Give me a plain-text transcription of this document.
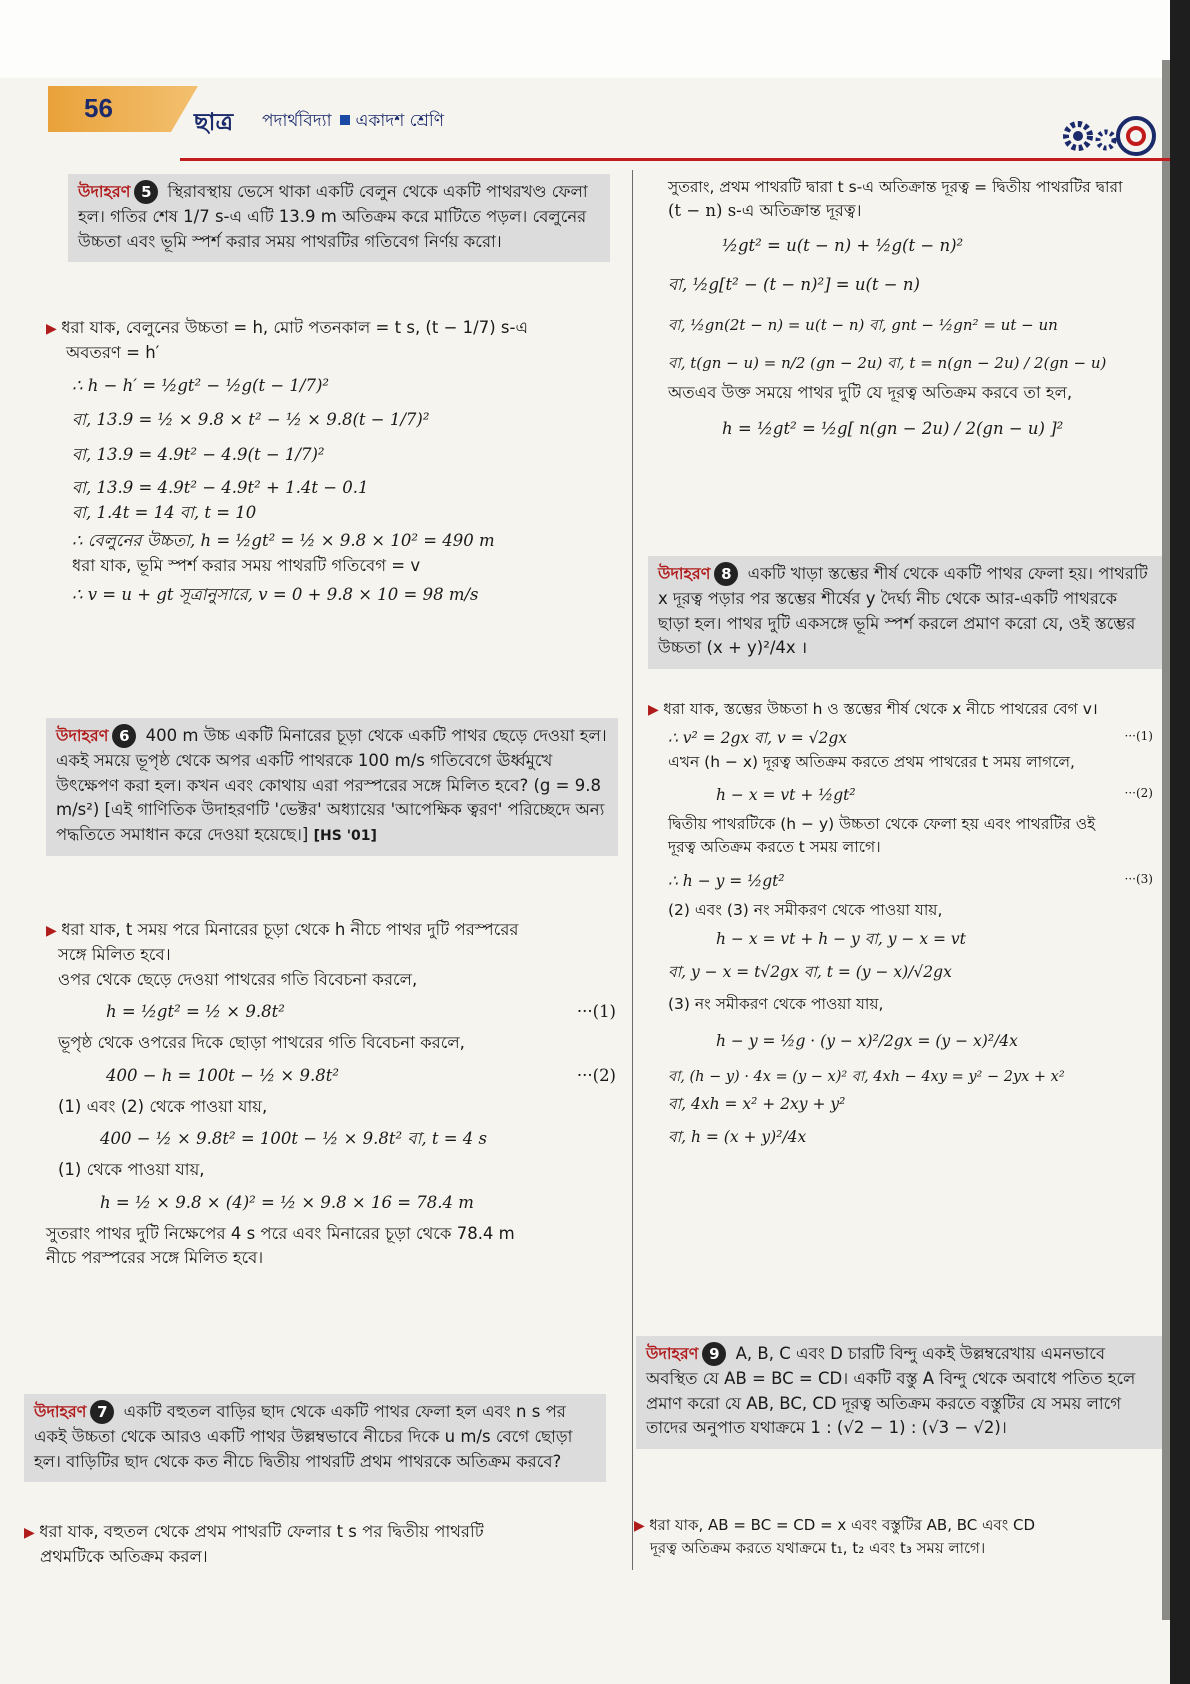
56	ছাত্র পদার্থবিদ্যা একাদশ শ্রেণি
উদাহরণ 5 স্থিরাবস্থায় ভেসে থাকা একটি বেলুন থেকে একটি পাথরখণ্ড ফেলা হল। গতির শেষ 1/7 s-এ এটি 13.9 m অতিক্রম করে মাটিতে পড়ল। বেলুনের উচ্চতা এবং ভূমি স্পর্শ করার সময় পাথরটির গতিবেগ নির্ণয় করো।
▶ ধরা যাক, বেলুনের উচ্চতা = h, মোট পতনকাল = t s, (t − 1/7) s-এ
অবতরণ = h′
∴ h − h′ = ½gt² − ½g(t − 1/7)²
বা, 13.9 = ½ × 9.8 × t² − ½ × 9.8(t − 1/7)²
বা, 13.9 = 4.9t² − 4.9(t − 1/7)²
বা, 13.9 = 4.9t² − 4.9t² + 1.4t − 0.1
বা, 1.4t = 14 বা, t = 10
∴ বেলুনের উচ্চতা, h = ½gt² = ½ × 9.8 × 10² = 490 m
ধরা যাক, ভূমি স্পর্শ করার সময় পাথরটি গতিবেগ = v
∴ v = u + gt সূত্রানুসারে, v = 0 + 9.8 × 10 = 98 m/s
উদাহরণ 6 400 m উচ্চ একটি মিনারের চূড়া থেকে একটি পাথর ছেড়ে দেওয়া হল। একই সময়ে ভূপৃষ্ঠ থেকে অপর একটি পাথরকে 100 m/s গতিবেগে ঊর্ধ্বমুখে উৎক্ষেপণ করা হল। কখন এবং কোথায় এরা পরস্পরের সঙ্গে মিলিত হবে? (g = 9.8 m/s²) [এই গাণিতিক উদাহরণটি 'ভেক্টর' অধ্যায়ের 'আপেক্ষিক ত্বরণ' পরিচ্ছেদে অন্য পদ্ধতিতে সমাধান করে দেওয়া হয়েছে।] [HS '01]
▶ ধরা যাক, t সময় পরে মিনারের চূড়া থেকে h নীচে পাথর দুটি পরস্পরের
সঙ্গে মিলিত হবে।
ওপর থেকে ছেড়ে দেওয়া পাথরের গতি বিবেচনা করলে,
h = ½gt² = ½ × 9.8t²	···(1)
ভূপৃষ্ঠ থেকে ওপরের দিকে ছোড়া পাথরের গতি বিবেচনা করলে,
400 − h = 100t − ½ × 9.8t²	···(2)
(1) এবং (2) থেকে পাওয়া যায়,
400 − ½ × 9.8t² = 100t − ½ × 9.8t² বা, t = 4 s
(1) থেকে পাওয়া যায়,
h = ½ × 9.8 × (4)² = ½ × 9.8 × 16 = 78.4 m
সুতরাং পাথর দুটি নিক্ষেপের 4 s পরে এবং মিনারের চূড়া থেকে 78.4 m
নীচে পরস্পরের সঙ্গে মিলিত হবে।
উদাহরণ 7 একটি বহুতল বাড়ির ছাদ থেকে একটি পাথর ফেলা হল এবং n s পর একই উচ্চতা থেকে আরও একটি পাথর উল্লম্বভাবে নীচের দিকে u m/s বেগে ছোড়া হল। বাড়িটির ছাদ থেকে কত নীচে দ্বিতীয় পাথরটি প্রথম পাথরকে অতিক্রম করবে?
▶ ধরা যাক, বহুতল থেকে প্রথম পাথরটি ফেলার t s পর দ্বিতীয় পাথরটি
প্রথমটিকে অতিক্রম করল।
সুতরাং, প্রথম পাথরটি দ্বারা t s-এ অতিক্রান্ত দূরত্ব = দ্বিতীয় পাথরটির দ্বারা
(t − n) s-এ অতিক্রান্ত দূরত্ব।
½gt² = u(t − n) + ½g(t − n)²
বা, ½g[t² − (t − n)²] = u(t − n)
বা, ½gn(2t − n) = u(t − n) বা, gnt − ½gn² = ut − un
বা, t(gn − u) = n/2 (gn − 2u) বা, t = n(gn − 2u) / 2(gn − u)
অতএব উক্ত সময়ে পাথর দুটি যে দূরত্ব অতিক্রম করবে তা হল,
h = ½gt² = ½g[ n(gn − 2u) / 2(gn − u) ]²
উদাহরণ 8 একটি খাড়া স্তম্ভের শীর্ষ থেকে একটি পাথর ফেলা হয়। পাথরটি x দূরত্ব পড়ার পর স্তম্ভের শীর্ষের y দৈর্ঘ্য নীচ থেকে আর-একটি পাথরকে ছাড়া হল। পাথর দুটি একসঙ্গে ভূমি স্পর্শ করলে প্রমাণ করো যে, ওই স্তম্ভের উচ্চতা (x + y)²/4x ।
▶ ধরা যাক, স্তম্ভের উচ্চতা h ও স্তম্ভের শীর্ষ থেকে x নীচে পাথরের বেগ v।
∴ v² = 2gx বা, v = √2gx	···(1)
এখন (h − x) দূরত্ব অতিক্রম করতে প্রথম পাথরের t সময় লাগলে,
h − x = vt + ½gt²	···(2)
দ্বিতীয় পাথরটিকে (h − y) উচ্চতা থেকে ফেলা হয় এবং পাথরটির ওই
দূরত্ব অতিক্রম করতে t সময় লাগে।
∴ h − y = ½gt²	···(3)
(2) এবং (3) নং সমীকরণ থেকে পাওয়া যায়,
h − x = vt + h − y বা, y − x = vt
বা, y − x = t√2gx বা, t = (y − x)/√2gx
(3) নং সমীকরণ থেকে পাওয়া যায়,
h − y = ½g · (y − x)²/2gx = (y − x)²/4x
বা, (h − y) · 4x = (y − x)² বা, 4xh − 4xy = y² − 2yx + x²
বা, 4xh = x² + 2xy + y²
বা, h = (x + y)²/4x
উদাহরণ 9 A, B, C এবং D চারটি বিন্দু একই উল্লম্বরেখায় এমনভাবে অবস্থিত যে AB = BC = CD। একটি বস্তু A বিন্দু থেকে অবাধে পতিত হলে প্রমাণ করো যে AB, BC, CD দূরত্ব অতিক্রম করতে বস্তুটির যে সময় লাগে তাদের অনুপাত যথাক্রমে 1 : (√2 − 1) : (√3 − √2)।
▶ ধরা যাক, AB = BC = CD = x এবং বস্তুটির AB, BC এবং CD
দূরত্ব অতিক্রম করতে যথাক্রমে t₁, t₂ এবং t₃ সময় লাগে।
